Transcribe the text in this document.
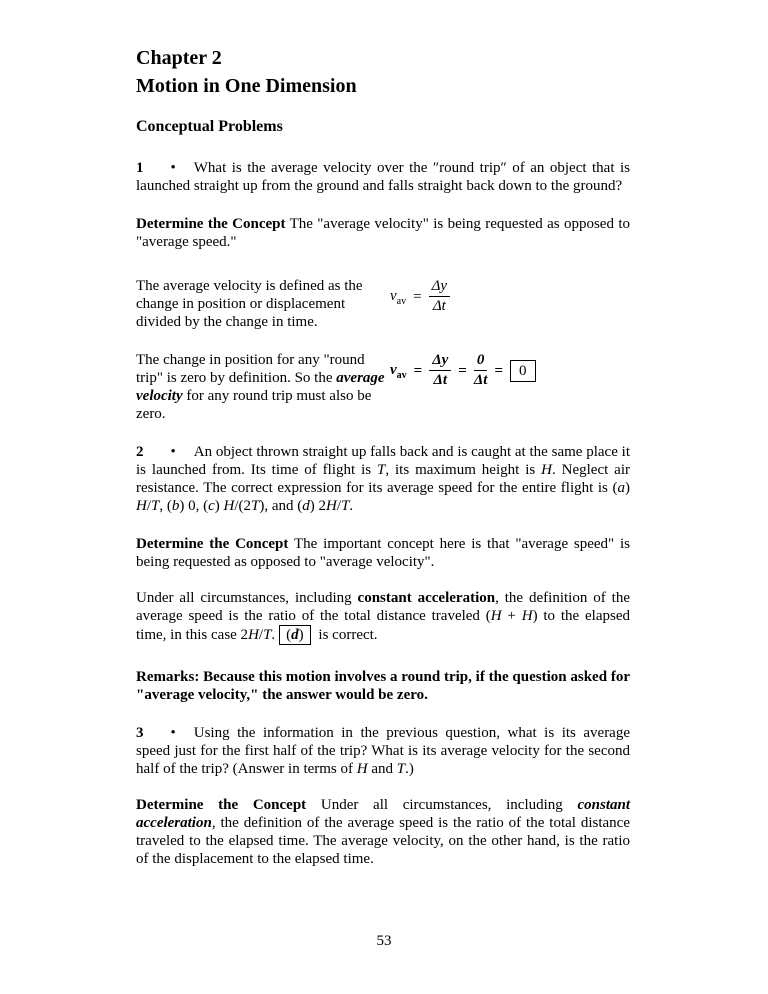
Chapter 2
Motion in One Dimension
Conceptual Problems

1 • What is the average velocity over the ″round trip″ of an object that is launched straight up from the ground and falls straight back down to the ground?

Determine the Concept The "average velocity" is being requested as opposed to "average speed."

The average velocity is defined as the change in position or displacement divided by the change in time.
$v_{av} = \frac{\Delta y}{\Delta t}$
The change in position for any "round trip" is zero by definition. So the average velocity for any round trip must also be zero.
$v_{av} = \frac{\Delta y}{\Delta t} = \frac{0}{\Delta t}$ =	0

2 • An object thrown straight up falls back and is caught at the same place it is launched from. Its time of flight is T, its maximum height is H. Neglect air resistance. The correct expression for its average speed for the entire flight is (a) H/T, (b) 0, (c) H/(2T), and (d) 2H/T.

Determine the Concept The important concept here is that "average speed" is being requested as opposed to "average velocity".

Under all circumstances, including constant acceleration, the definition of the average speed is the ratio of the total distance traveled (H + H) to the elapsed time, in this case 2H/T. (d) is correct.

Remarks: Because this motion involves a round trip, if the question asked for "average velocity," the answer would be zero.

3 • Using the information in the previous question, what is its average speed just for the first half of the trip? What is its average velocity for the second half of the trip? (Answer in terms of H and T.)

Determine the Concept Under all circumstances, including constant acceleration, the definition of the average speed is the ratio of the total distance traveled to the elapsed time. The average velocity, on the other hand, is the ratio of the displacement to the elapsed time.

53
